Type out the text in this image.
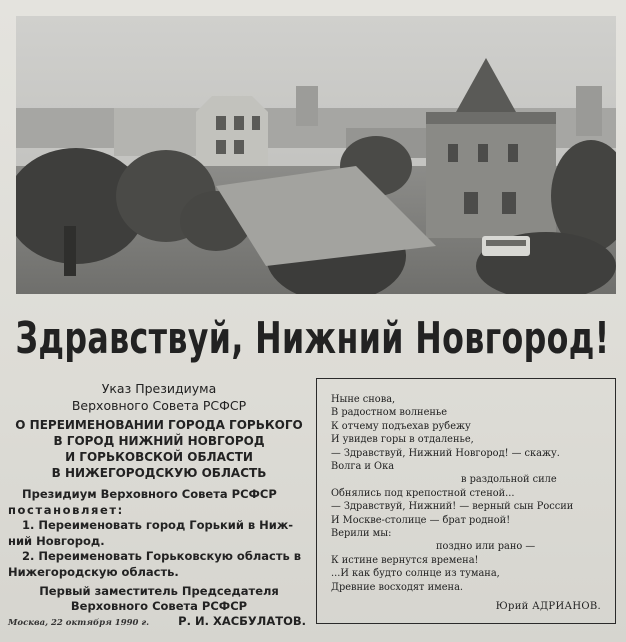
Здравствуй, Нижний Новгород!
Указ Президиума
Верховного Совета РСФСР
О ПЕРЕИМЕНОВАНИИ ГОРОДА ГОРЬКОГО
В ГОРОД НИЖНИЙ НОВГОРОД
И ГОРЬКОВСКОЙ ОБЛАСТИ
В НИЖЕГОРОДСКУЮ ОБЛАСТЬ
Президиум Верховного Совета РСФСР
постановляет:
1. Переименовать город Горький в Ниж-
ний Новгород.
2. Переименовать Горьковскую область в
Нижегородскую область.
Первый заместитель Председателя
Верховного Совета РСФСР
Москва, 22 октября 1990 г.	Р. И. ХАСБУЛАТОВ.
Ныне снова,
В радостном волненье
К отчему подъехав рубежу
И увидев горы в отдаленье,
— Здравствуй, Нижний Новгород! — скажу.
Волга и Ока
в раздольной силе
Обнялись под крепостной стеной...
— Здравствуй, Нижний! — верный сын России
И Москве-столице — брат родной!
Верили мы:
поздно или рано —
К истине вернутся времена!
...И как будто солнце из тумана,
Древние восходят имена.
Юрий АДРИАНОВ.
